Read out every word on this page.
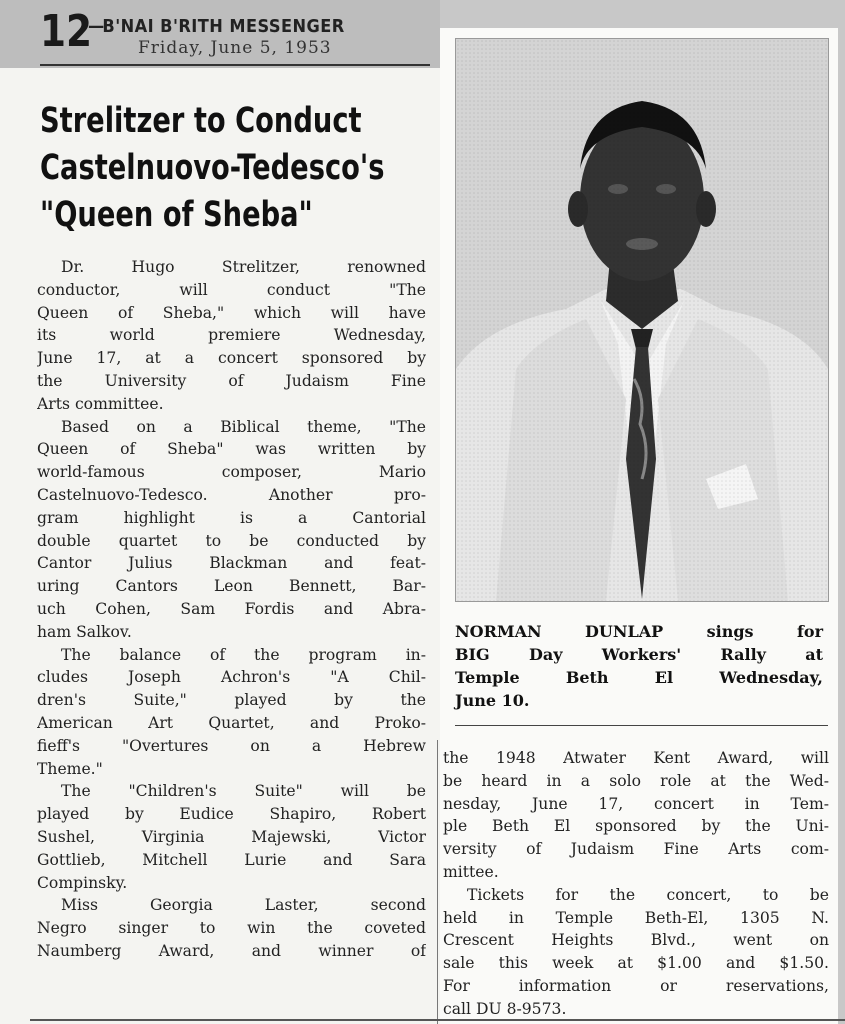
12
—B'NAI B'RITH MESSENGER
Friday, June 5, 1953
Strelitzer to Conduct
Castelnuovo-Tedesco's
"Queen of Sheba"
Dr. Hugo Strelitzer, renowned
conductor, will conduct "The
Queen of Sheba," which will have
its world premiere Wednesday,
June 17, at a concert sponsored by
the University of Judaism Fine
Arts committee.
Based on a Biblical theme, "The
Queen of Sheba" was written by
world-famous composer, Mario
Castelnuovo-Tedesco. Another pro-
gram highlight is a Cantorial
double quartet to be conducted by
Cantor Julius Blackman and feat-
uring Cantors Leon Bennett, Bar-
uch Cohen, Sam Fordis and Abra-
ham Salkov.
The balance of the program in-
cludes Joseph Achron's "A Chil-
dren's Suite," played by the
American Art Quartet, and Proko-
fieff's "Overtures on a Hebrew
Theme."
The "Children's Suite" will be
played by Eudice Shapiro, Robert
Sushel, Virginia Majewski, Victor
Gottlieb, Mitchell Lurie and Sara
Compinsky.
Miss Georgia Laster, second
Negro singer to win the coveted
Naumberg Award, and winner of
NORMAN DUNLAP sings for
BIG Day Workers' Rally at
Temple Beth El Wednesday,
June 10.
the 1948 Atwater Kent Award, will
be heard in a solo role at the Wed-
nesday, June 17, concert in Tem-
ple Beth El sponsored by the Uni-
versity of Judaism Fine Arts com-
mittee.
Tickets for the concert, to be
held in Temple Beth-El, 1305 N.
Crescent Heights Blvd., went on
sale this week at $1.00 and $1.50.
For information or reservations,
call DU 8-9573.
